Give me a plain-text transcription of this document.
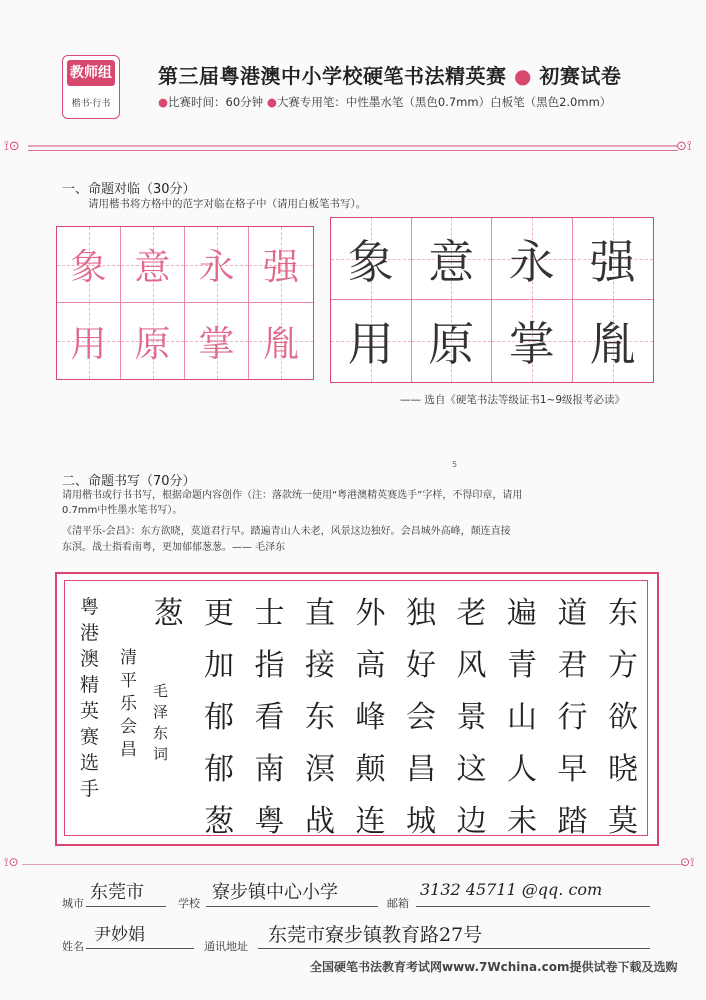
教师组
楷书·行书
第三届粤港澳中小学校硬笔书法精英赛 ● 初赛试卷
●比赛时间：60分钟 ●大赛专用笔：中性墨水笔（黑色0.7mm）白板笔（黑色2.0mm）
⟟⊙	⊙⟟
一、命题对临（30分）
请用楷书将方格中的范字对临在格子中（请用白板笔书写）。
象 意 永 强
用 原 掌 胤
象 意 永 强
用 原 掌 胤
—— 选自《硬笔书法等级证书1~9级报考必读》
5
二、命题书写（70分）
请用楷书或行书书写，根据命题内容创作（注：落款统一使用“粤港澳精英赛选手”字样，不得印章，请用
0.7mm中性墨水笔书写）。
《清平乐-会昌》：东方欲晓，莫道君行早。踏遍青山人未老，风景这边独好。会昌城外高峰，颠连直接
东溟。战士指看南粤，更加郁郁葱葱。—— 毛泽东
东
方
欲
晓
莫
道
君
行
早
踏
遍
青
山
人
未
老
风
景
这
边
独
好
会
昌
城
外
高
峰
颠
连
直
接
东
溟
战
士
指
看
南
粤
更
加
郁
郁
葱
葱
粤
港
澳
精
英
赛
选
手
清
平
乐
会
昌
毛
泽
东
词
⟟⊙	⊙⟟
城市
东莞市
学校
寮步镇中心小学
邮箱
3132 45711 @qq. com
姓名
尹妙娟
通讯地址
东莞市寮步镇教育路27号
全国硬笔书法教育考试网www.7Wchina.com提供试卷下载及选购
